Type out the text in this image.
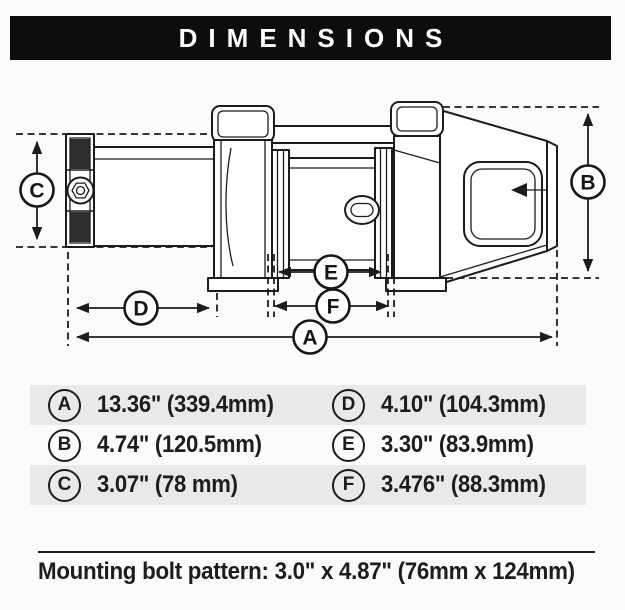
DIMENSIONS
C	B
D
E
F
A
A	13.36" (339.4mm)	D	4.10" (104.3mm)
B	4.74" (120.5mm)	E	3.30" (83.9mm)
C	3.07" (78 mm)	F	3.476" (88.3mm)

Mounting bolt pattern: 3.0" x 4.87" (76mm x 124mm)
